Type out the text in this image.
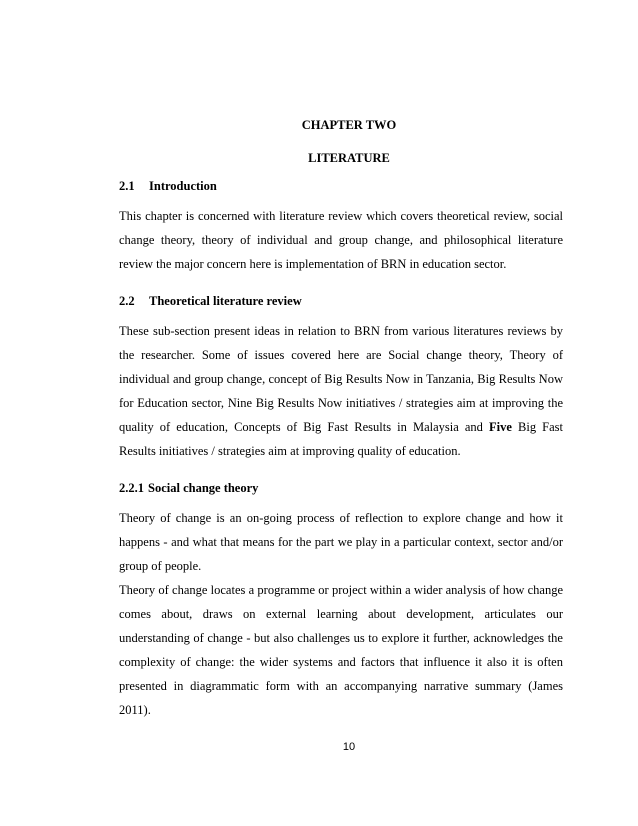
CHAPTER TWO
LITERATURE
2.1 Introduction

This chapter is concerned with literature review which covers theoretical review, social change theory, theory of individual and group change, and philosophical literature review the major concern here is implementation of BRN in education sector.

2.2 Theoretical literature review

These sub-section present ideas in relation to BRN from various literatures reviews by the researcher. Some of issues covered here are Social change theory, Theory of individual and group change, concept of Big Results Now in Tanzania, Big Results Now for Education sector, Nine Big Results Now initiatives / strategies aim at improving the quality of education, Concepts of Big Fast Results in Malaysia and Five Big Fast Results initiatives / strategies aim at improving quality of education.

2.2.1 Social change theory

Theory of change is an on-going process of reflection to explore change and how it happens - and what that means for the part we play in a particular context, sector and/or group of people.

Theory of change locates a programme or project within a wider analysis of how change comes about, draws on external learning about development, articulates our understanding of change - but also challenges us to explore it further, acknowledges the complexity of change: the wider systems and factors that influence it also it is often presented in diagrammatic form with an accompanying narrative summary (James 2011).

10
